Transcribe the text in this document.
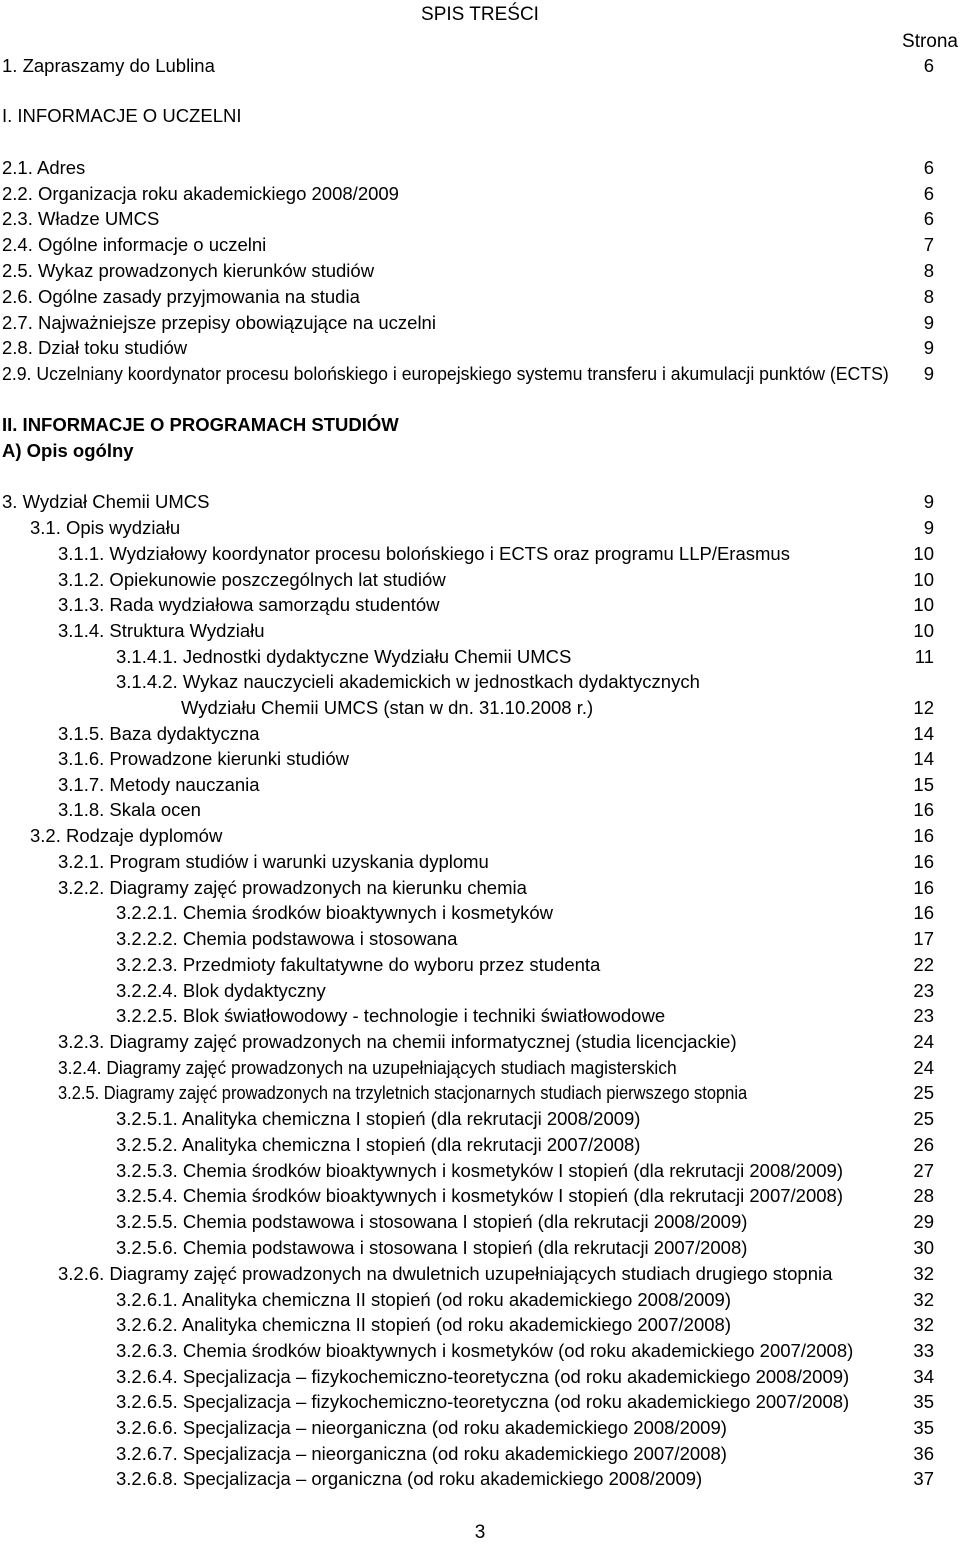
SPIS TREŚCI
Strona
I. INFORMACJE O UCZELNI
II. INFORMACJE O PROGRAMACH STUDIÓW
A) Opis ogólny
1. Zapraszamy do Lublina	6
2.1. Adres	6
2.2. Organizacja roku akademickiego 2008/2009	6
2.3. Władze UMCS	6
2.4. Ogólne informacje o uczelni	7
2.5. Wykaz prowadzonych kierunków studiów	8
2.6. Ogólne zasady przyjmowania na studia	8
2.7. Najważniejsze przepisy obowiązujące na uczelni	9
2.8. Dział toku studiów	9
2.9. Uczelniany koordynator procesu bolońskiego i europejskiego systemu transferu i akumulacji punktów (ECTS) 9
3. Wydział Chemii UMCS	9
3.1. Opis wydziału	9
3.1.1. Wydziałowy koordynator procesu bolońskiego i ECTS oraz programu LLP/Erasmus	10
3.1.2. Opiekunowie poszczególnych lat studiów	10
3.1.3. Rada wydziałowa samorządu studentów	10
3.1.4. Struktura Wydziału	10
3.1.4.1. Jednostki dydaktyczne Wydziału Chemii UMCS	11
3.1.4.2. Wykaz nauczycieli akademickich w jednostkach dydaktycznych
Wydziału Chemii UMCS (stan w dn. 31.10.2008 r.)	12
3.1.5. Baza dydaktyczna	14
3.1.6. Prowadzone kierunki studiów	14
3.1.7. Metody nauczania	15
3.1.8. Skala ocen	16
3.2. Rodzaje dyplomów	16
3.2.1. Program studiów i warunki uzyskania dyplomu	16
3.2.2. Diagramy zajęć prowadzonych na kierunku chemia	16
3.2.2.1. Chemia środków bioaktywnych i kosmetyków	16
3.2.2.2. Chemia podstawowa i stosowana	17
3.2.2.3. Przedmioty fakultatywne do wyboru przez studenta	22
3.2.2.4. Blok dydaktyczny	23
3.2.2.5. Blok światłowodowy - technologie i techniki światłowodowe	23
3.2.3. Diagramy zajęć prowadzonych na chemii informatycznej (studia licencjackie)	24
3.2.4. Diagramy zajęć prowadzonych na uzupełniających studiach magisterskich	24
3.2.5. Diagramy zajęć prowadzonych na trzyletnich stacjonarnych studiach pierwszego stopnia	25
3.2.5.1. Analityka chemiczna I stopień (dla rekrutacji 2008/2009)	25
3.2.5.2. Analityka chemiczna I stopień (dla rekrutacji 2007/2008)	26
3.2.5.3. Chemia środków bioaktywnych i kosmetyków I stopień (dla rekrutacji 2008/2009)	27
3.2.5.4. Chemia środków bioaktywnych i kosmetyków I stopień (dla rekrutacji 2007/2008)	28
3.2.5.5. Chemia podstawowa i stosowana I stopień (dla rekrutacji 2008/2009)	29
3.2.5.6. Chemia podstawowa i stosowana I stopień (dla rekrutacji 2007/2008)	30
3.2.6. Diagramy zajęć prowadzonych na dwuletnich uzupełniających studiach drugiego stopnia	32
3.2.6.1. Analityka chemiczna II stopień (od roku akademickiego 2008/2009)	32
3.2.6.2. Analityka chemiczna II stopień (od roku akademickiego 2007/2008)	32
3.2.6.3. Chemia środków bioaktywnych i kosmetyków (od roku akademickiego 2007/2008)	33
3.2.6.4. Specjalizacja – fizykochemiczno-teoretyczna (od roku akademickiego 2008/2009)	34
3.2.6.5. Specjalizacja – fizykochemiczno-teoretyczna (od roku akademickiego 2007/2008)	35
3.2.6.6. Specjalizacja – nieorganiczna (od roku akademickiego 2008/2009)	35
3.2.6.7. Specjalizacja – nieorganiczna (od roku akademickiego 2007/2008)	36
3.2.6.8. Specjalizacja – organiczna (od roku akademickiego 2008/2009)	37
3
